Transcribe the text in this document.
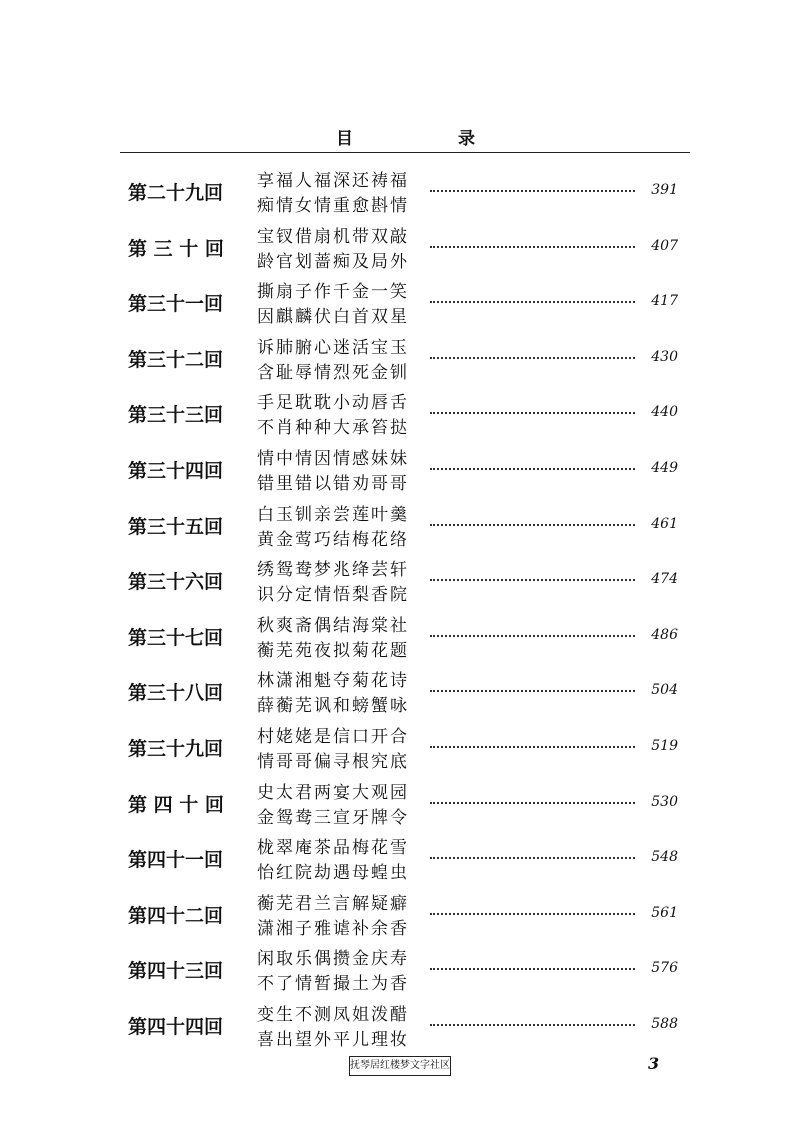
目	录
第二十九回
享福人福深还祷福
痴情女情重愈斟情
391
第 三 十 回
宝钗借扇机带双敲
龄官划蔷痴及局外
407
第三十一回
撕扇子作千金一笑
因麒麟伏白首双星
417
第三十二回
诉肺腑心迷活宝玉
含耻辱情烈死金钏
430
第三十三回
手足耽耽小动唇舌
不肖种种大承笞挞
440
第三十四回
情中情因情感妹妹
错里错以错劝哥哥
449
第三十五回
白玉钏亲尝莲叶羹
黄金莺巧结梅花络
461
第三十六回
绣鸳鸯梦兆绛芸轩
识分定情悟梨香院
474
第三十七回
秋爽斋偶结海棠社
蘅芜苑夜拟菊花题
486
第三十八回
林潇湘魁夺菊花诗
薛蘅芜讽和螃蟹咏
504
第三十九回
村姥姥是信口开合
情哥哥偏寻根究底
519
第 四 十 回
史太君两宴大观园
金鸳鸯三宣牙牌令
530
第四十一回
栊翠庵茶品梅花雪
怡红院劫遇母蝗虫
548
第四十二回
蘅芜君兰言解疑癖
潇湘子雅谑补余香
561
第四十三回
闲取乐偶攒金庆寿
不了情暂撮土为香
576
第四十四回
变生不测凤姐泼醋
喜出望外平儿理妆
588
抚琴居红楼梦文字社区	3
